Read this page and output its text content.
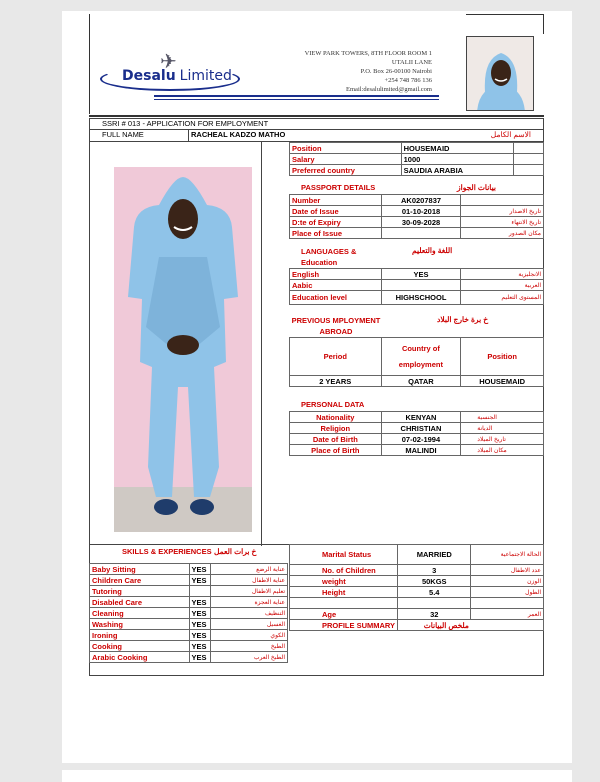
✈
Desalu Limited
VIEW PARK TOWERS, 8TH FLOOR ROOM 1
UTALII LANE
P.O. Box 26-00100 Nairobi
+254 748 786 136
Email:desalulimited@gmail.com
SSRI # 013 - APPLICATION FOR EMPLOYMENT
FULL NAME	RACHEAL KADZO MATHO	الاسم الكامل
Position	HOUSEMAID	
Salary	1000	
Preferred country	SAUDIA ARABIA	
PASSPORT DETAILS	بيانات الجواز
Number	AK0207837	
Date of Issue	01-10-2018	تاريخ الاصدار
D:te of Expiry	30-09-2028	تاريخ الانتهاء
Place of Issue		مكان الصدور
LANGUAGES & Education
اللغة والتعليم
English	YES	الانجليزية
Aabic		العربية
Education level	HIGHSCHOOL	المستوى التعليم
PREVIOUS MPLOYMENT ABROAD
خ برة خارج البلاد
Period	Country of employment	Position
2 YEARS	QATAR	HOUSEMAID
PERSONAL DATA
Nationality	KENYAN	الجنسية
Religion	CHRISTIAN	الديانة
Date of Birth	07-02-1994	تاريخ الميلاد
Place of Birth	MALINDI	مكان الميلاد
SKILLS & EXPERIENCES خ برات العمل
Baby Sitting	YES	عناية الرضع
Children Care	YES	عناية الاطفال
Tutoring		تعليم الاطفال
Disabled Care	YES	عناية العجزة
Cleaning	YES	التنظيف
Washing	YES	الغسيل
Ironing	YES	الكوي
Cooking	YES	الطبخ
Arabic Cooking	YES	الطبخ العرب
Marital Status	MARRIED	الحالة الاجتماعية
No. of Children	3	عدد الاطفال
weight	50KGS	الوزن
Height	5.4	الطول

Age	32	العمر
PROFILE SUMMARY	ملخص البيانات	
